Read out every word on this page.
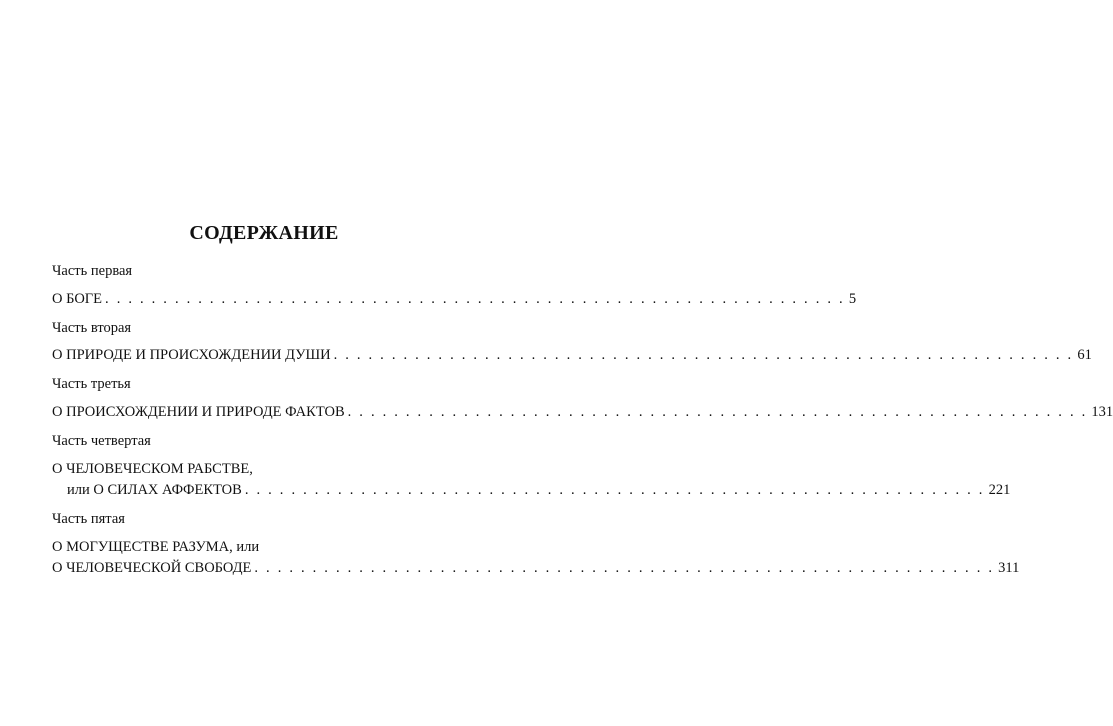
СОДЕРЖАНИЕ

Часть первая

О БОГЕ . . . . . . . . . . . . . . . . . . . . . . . . . . . . . . . . . . . . . . . . . . . . . . . . . . . . . . . . . . . . . . . . 5

Часть вторая

О ПРИРОДЕ И ПРОИСХОЖДЕНИИ ДУШИ . . . . . . . . . . . . . . . . . . . . . . . . . . . . . . . . . . . . . . . . . . . . . . . . . . . . . . . . . . . . . . . . 61

Часть третья

О ПРОИСХОЖДЕНИИ И ПРИРОДЕ ФАКТОВ . . . . . . . . . . . . . . . . . . . . . . . . . . . . . . . . . . . . . . . . . . . . . . . . . . . . . . . . . . . . . . . . 131

Часть четвертая

О ЧЕЛОВЕЧЕСКОМ РАБСТВЕ,
или О СИЛАХ АФФЕКТОВ . . . . . . . . . . . . . . . . . . . . . . . . . . . . . . . . . . . . . . . . . . . . . . . . . . . . . . . . . . . . . . . . 221

Часть пятая

О МОГУЩЕСТВЕ РАЗУМА, или
О ЧЕЛОВЕЧЕСКОЙ СВОБОДЕ . . . . . . . . . . . . . . . . . . . . . . . . . . . . . . . . . . . . . . . . . . . . . . . . . . . . . . . . . . . . . . . . 311
